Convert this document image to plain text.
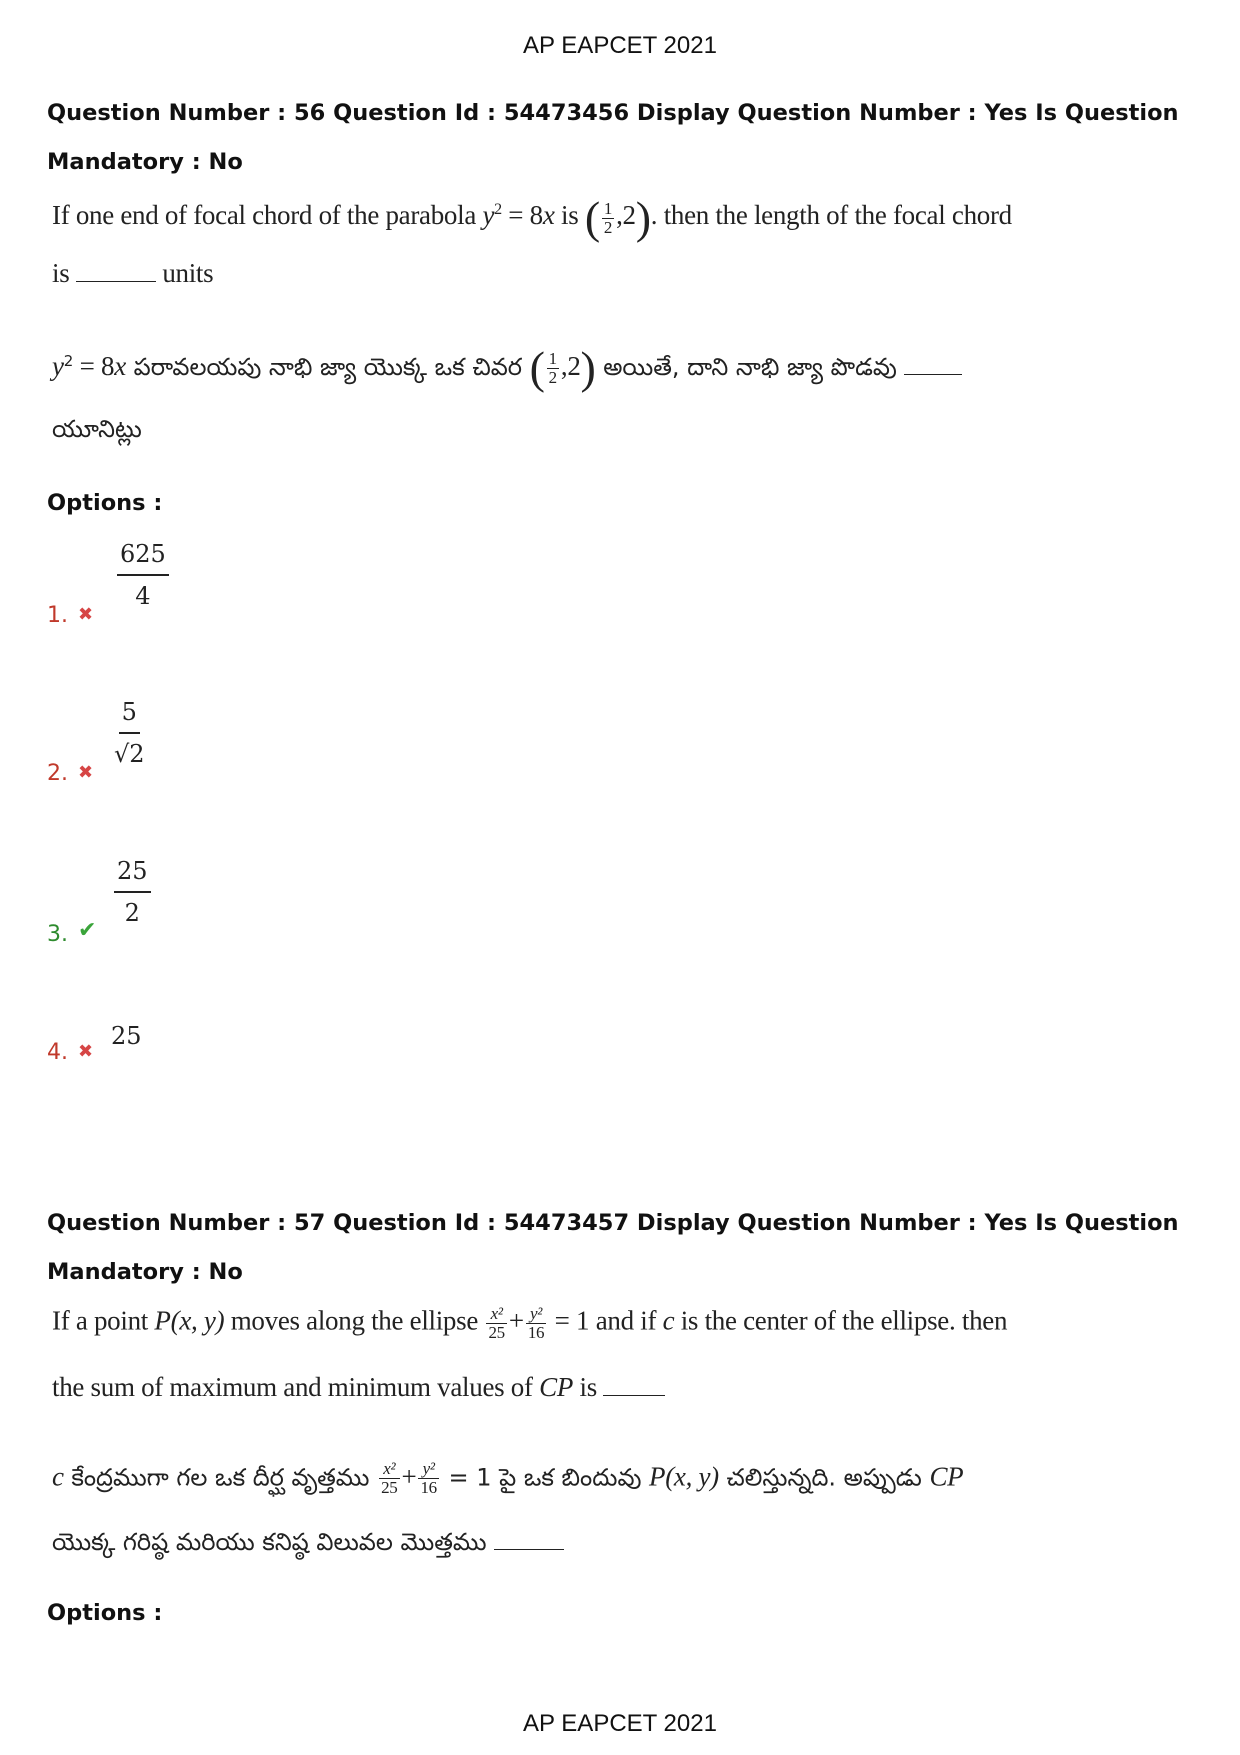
AP EAPCET 2021
Question Number : 56 Question Id : 54473456 Display Question Number : Yes Is Question
Mandatory : No
If one end of focal chord of the parabola $y^2 = 8x$ is ( $\frac{1}{2} ,2$). then the length of the focal chord
is	units
$y^2 = 8x$ పరావలయపు నాభి జ్యా యొక్క ఒక చివర ( $\frac{1}{2} ,2$) అయితే, దాని నాభి జ్యా పొడవు
యూనిట్లు
Options :
1. ✖
$\frac{625}{4}$
2. ✖
$\frac{5}{√2}$
3. ✔
$\frac{25}{2}$
4. ✖
25
Question Number : 57 Question Id : 54473457 Display Question Number : Yes Is Question
Mandatory : No
If a point P(x, y) moves along the ellipse $\frac{\text{x²}}{25} + \frac{\text{y²}}{16} = 1$ and if c is the center of the ellipse. then
the sum of maximum and minimum values of CP is
c కేంద్రముగా గల ఒక దీర్ఘ వృత్తము $\frac{\text{x²}}{25} + \frac{\text{y²}}{16} = 1$ పై ఒక బిందువు P(x, y) చలిస్తున్నది. అప్పుడు CP
యొక్క గరిష్ఠ మరియు కనిష్ఠ విలువల మొత్తము
Options :
AP EAPCET 2021
